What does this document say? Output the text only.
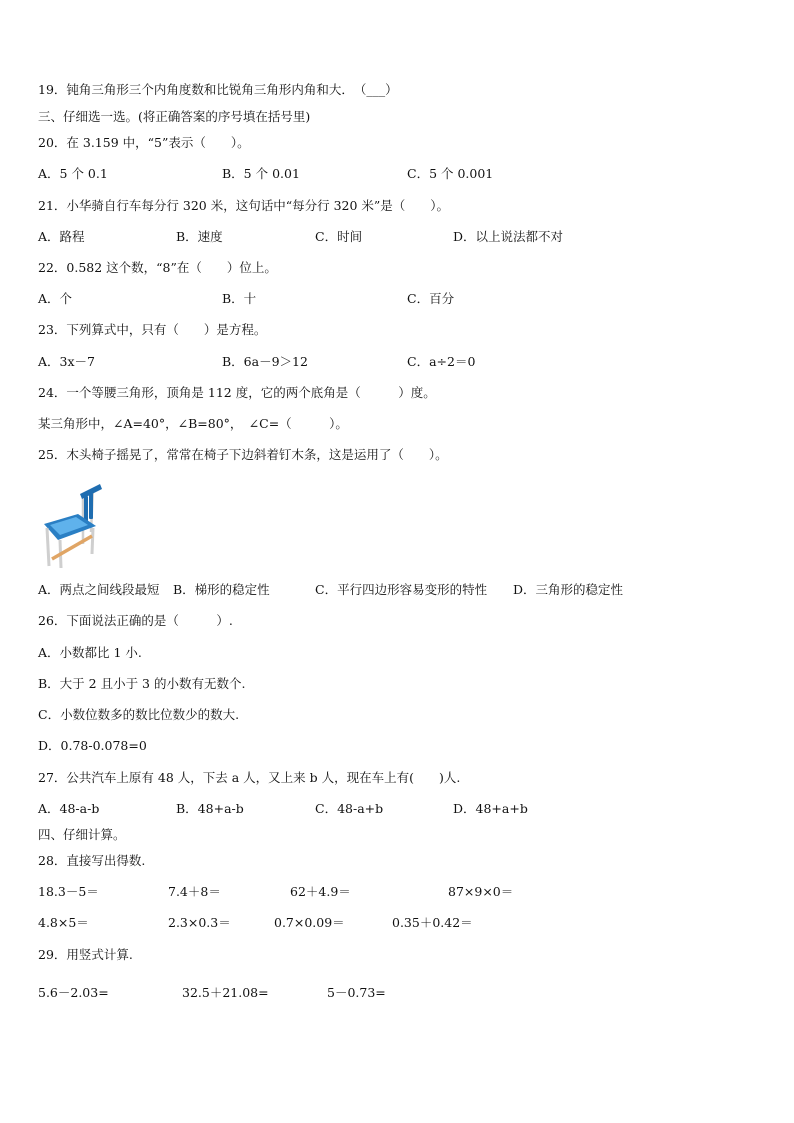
19．钝角三角形三个内角度数和比锐角三角形内角和大．　（___）
三、仔细选一选。(将正确答案的序号填在括号里)
20．在 3.159 中，“5”表示（　　）。
A．5 个 0.1	B．5 个 0.01	C．5 个 0.001
21．小华骑自行车每分行 320 米，这句话中“每分行 320 米”是（　　）。
A．路程	B．速度	C．时间	D．以上说法都不对
22．0.582 这个数，“8”在（　　）位上。
A．个	B．十	C．百分
23．下列算式中，只有（　　）是方程。
A．3x－7	B．6a－9＞12	C．a÷2＝0
24．一个等腰三角形，顶角是 112 度，它的两个底角是（　　　）度。
某三角形中，∠A=40°，∠B=80°，　∠C=（　　　）。
25．木头椅子摇晃了，常常在椅子下边斜着钉木条，这是运用了（　　）。
A．两点之间线段最短 B．梯形的稳定性	C．平行四边形容易变形的特性 D．三角形的稳定性
26．下面说法正确的是（　　　）.
A．小数都比 1 小.
B．大于 2 且小于 3 的小数有无数个.
C．小数位数多的数比位数少的数大.
D．0.78-0.078=0
27．公共汽车上原有 48 人，下去 a 人，又上来 b 人，现在车上有(　　)人.
A．48-a-b	B．48+a-b	C．48-a+b	D．48+a+b
四、仔细计算。
28．直接写出得数.
18.3－5＝	7.4＋8＝	62＋4.9＝	87×9×0＝
4.8×5＝	2.3×0.3＝	0.7×0.09＝	0.35＋0.42＝
29．用竖式计算.
5.6－2.03=	32.5＋21.08=	5－0.73=
